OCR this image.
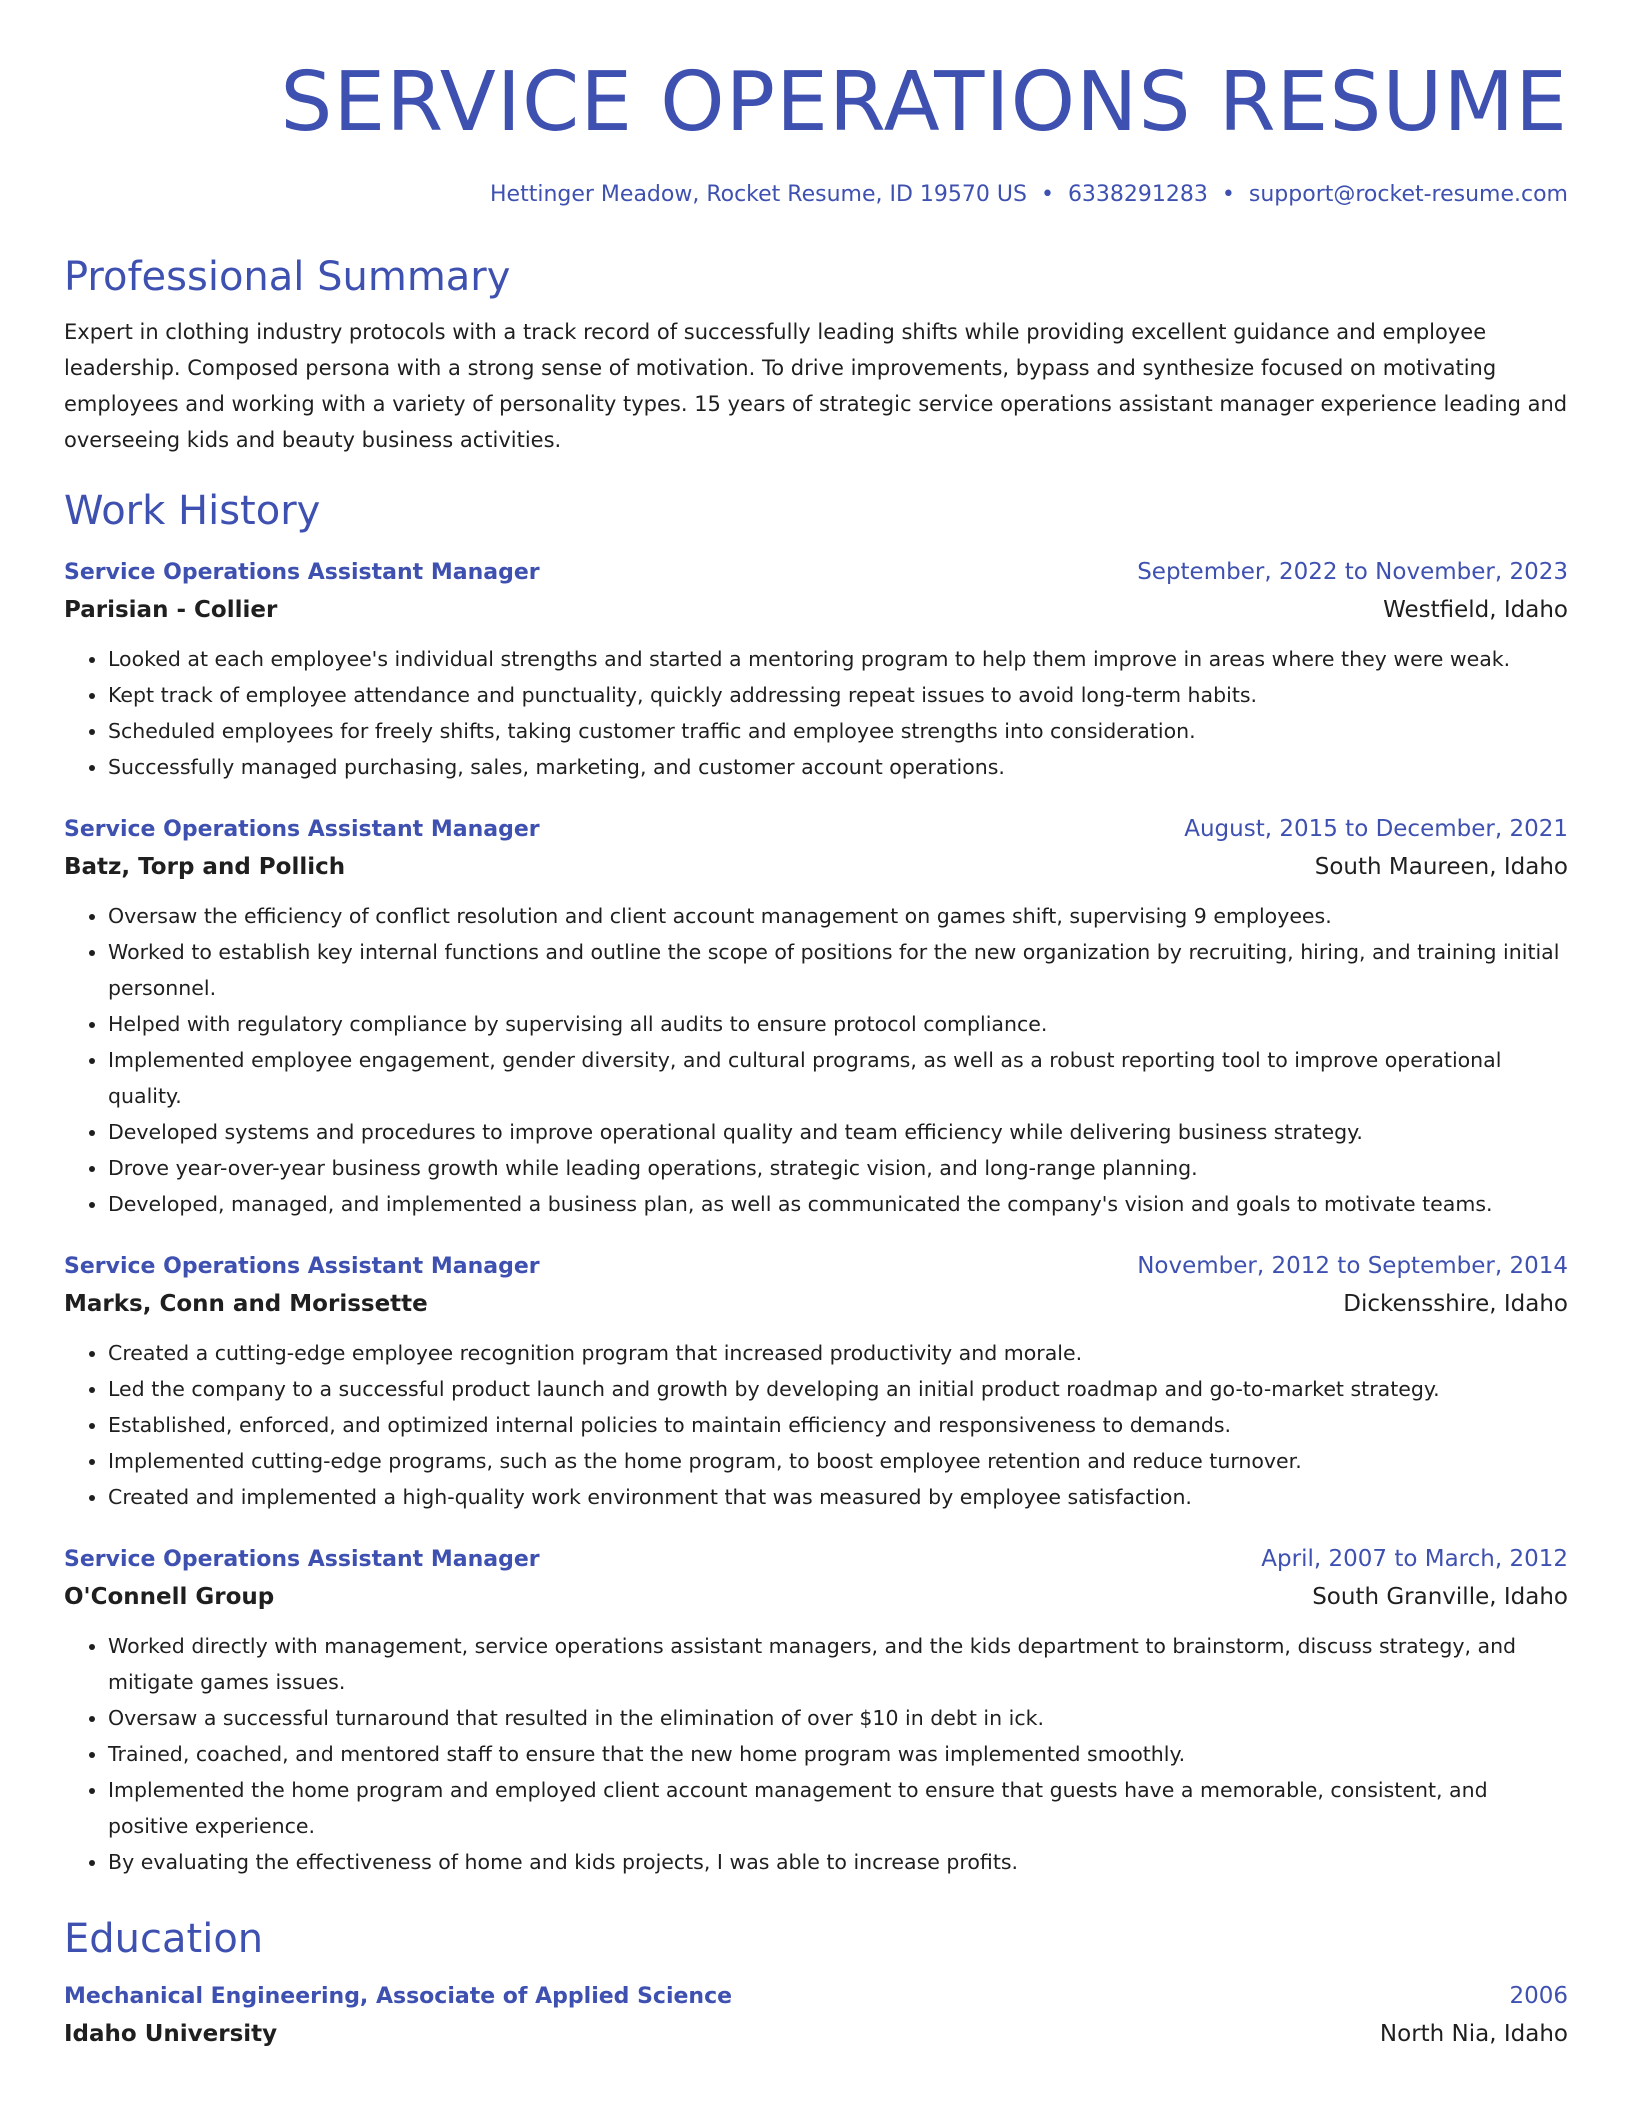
SERVICE OPERATIONS RESUME
Hettinger Meadow, Rocket Resume, ID 19570 US • 6338291283 • support@rocket-resume.com
Professional Summary
Expert in clothing industry protocols with a track record of successfully leading shifts while providing excellent guidance and employee leadership. Composed persona with a strong sense of motivation. To drive improvements, bypass and synthesize focused on motivating employees and working with a variety of personality types. 15 years of strategic service operations assistant manager experience leading and overseeing kids and beauty business activities.
Work History
Service Operations Assistant Manager	September, 2022 to November, 2023
Parisian - Collier	Westfield, Idaho
• Looked at each employee's individual strengths and started a mentoring program to help them improve in areas where they were weak.
• Kept track of employee attendance and punctuality, quickly addressing repeat issues to avoid long-term habits.
• Scheduled employees for freely shifts, taking customer traffic and employee strengths into consideration.
• Successfully managed purchasing, sales, marketing, and customer account operations.
Service Operations Assistant Manager	August, 2015 to December, 2021
Batz, Torp and Pollich	South Maureen, Idaho
• Oversaw the efficiency of conflict resolution and client account management on games shift, supervising 9 employees.
• Worked to establish key internal functions and outline the scope of positions for the new organization by recruiting, hiring, and training initial personnel.
• Helped with regulatory compliance by supervising all audits to ensure protocol compliance.
• Implemented employee engagement, gender diversity, and cultural programs, as well as a robust reporting tool to improve operational quality.
• Developed systems and procedures to improve operational quality and team efficiency while delivering business strategy.
• Drove year-over-year business growth while leading operations, strategic vision, and long-range planning.
• Developed, managed, and implemented a business plan, as well as communicated the company's vision and goals to motivate teams.
Service Operations Assistant Manager	November, 2012 to September, 2014
Marks, Conn and Morissette	Dickensshire, Idaho
• Created a cutting-edge employee recognition program that increased productivity and morale.
• Led the company to a successful product launch and growth by developing an initial product roadmap and go-to-market strategy.
• Established, enforced, and optimized internal policies to maintain efficiency and responsiveness to demands.
• Implemented cutting-edge programs, such as the home program, to boost employee retention and reduce turnover.
• Created and implemented a high-quality work environment that was measured by employee satisfaction.
Service Operations Assistant Manager	April, 2007 to March, 2012
O'Connell Group	South Granville, Idaho
• Worked directly with management, service operations assistant managers, and the kids department to brainstorm, discuss strategy, and mitigate games issues.
• Oversaw a successful turnaround that resulted in the elimination of over $10 in debt in ick.
• Trained, coached, and mentored staff to ensure that the new home program was implemented smoothly.
• Implemented the home program and employed client account management to ensure that guests have a memorable, consistent, and positive experience.
• By evaluating the effectiveness of home and kids projects, I was able to increase profits.
Education
Mechanical Engineering, Associate of Applied Science	2006
Idaho University	North Nia, Idaho
